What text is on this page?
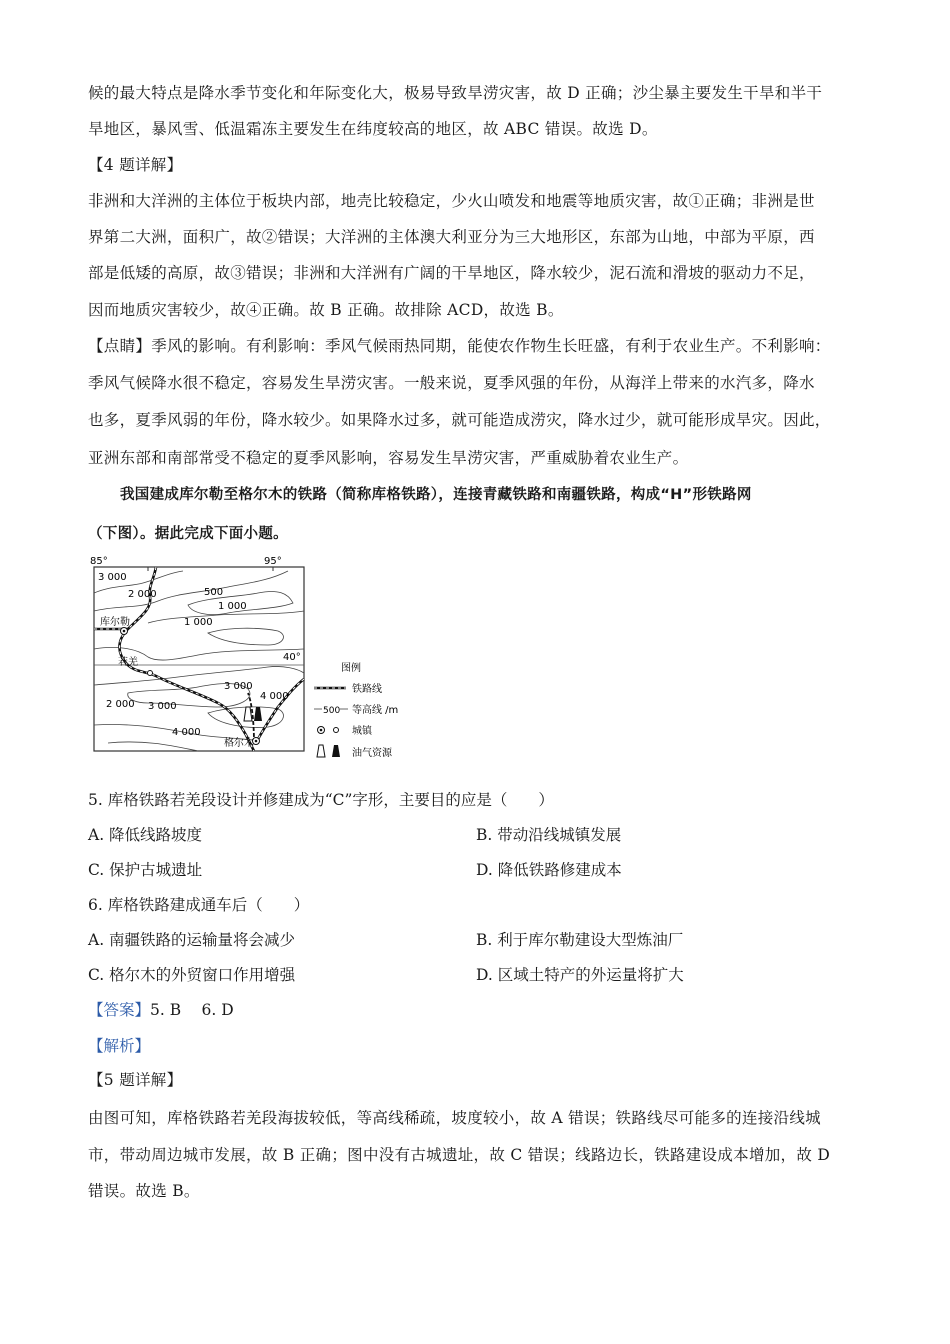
候的最大特点是降水季节变化和年际变化大，极易导致旱涝灾害，故 D 正确；沙尘暴主要发生干旱和半干
旱地区，暴风雪、低温霜冻主要发生在纬度较高的地区，故 ABC 错误。故选 D。
【4 题详解】
非洲和大洋洲的主体位于板块内部，地壳比较稳定，少火山喷发和地震等地质灾害，故①正确；非洲是世
界第二大洲，面积广，故②错误；大洋洲的主体澳大利亚分为三大地形区，东部为山地，中部为平原，西
部是低矮的高原，故③错误；非洲和大洋洲有广阔的干旱地区，降水较少，泥石流和滑坡的驱动力不足，
因而地质灾害较少，故④正确。故 B 正确。故排除 ACD，故选 B。
【点睛】季风的影响。有利影响：季风气候雨热同期，能使农作物生长旺盛，有利于农业生产。不利影响：
季风气候降水很不稳定，容易发生旱涝灾害。一般来说，夏季风强的年份，从海洋上带来的水汽多，降水
也多，夏季风弱的年份，降水较少。如果降水过多，就可能造成涝灾，降水过少，就可能形成旱灾。因此，
亚洲东部和南部常受不稳定的夏季风影响，容易发生旱涝灾害，严重威胁着农业生产。
我国建成库尔勒至格尔木的铁路（简称库格铁路），连接青藏铁路和南疆铁路，构成“H”形铁路网
（下图）。据此完成下面小题。
85°	95°
40°
3 000
2 000	500
1 000
1 000
3 000
4 000
2 000 3 000
4 000
库尔勒
若羌
格尔木
图例
铁路线
500 等高线 /m
城镇
油气资源
5. 库格铁路若羌段设计并修建成为“C”字形，主要目的应是（　　）
A. 降低线路坡度	B. 带动沿线城镇发展
C. 保护古城遗址	D. 降低铁路修建成本
6. 库格铁路建成通车后（　　）
A. 南疆铁路的运输量将会减少	B. 利于库尔勒建设大型炼油厂
C. 格尔木的外贸窗口作用增强	D. 区域土特产的外运量将扩大
【答案】5. B　 6. D
【解析】
【5 题详解】
由图可知，库格铁路若羌段海拔较低，等高线稀疏，坡度较小，故 A 错误；铁路线尽可能多的连接沿线城
市，带动周边城市发展，故 B 正确；图中没有古城遗址，故 C 错误；线路边长，铁路建设成本增加，故 D
错误。故选 B。
